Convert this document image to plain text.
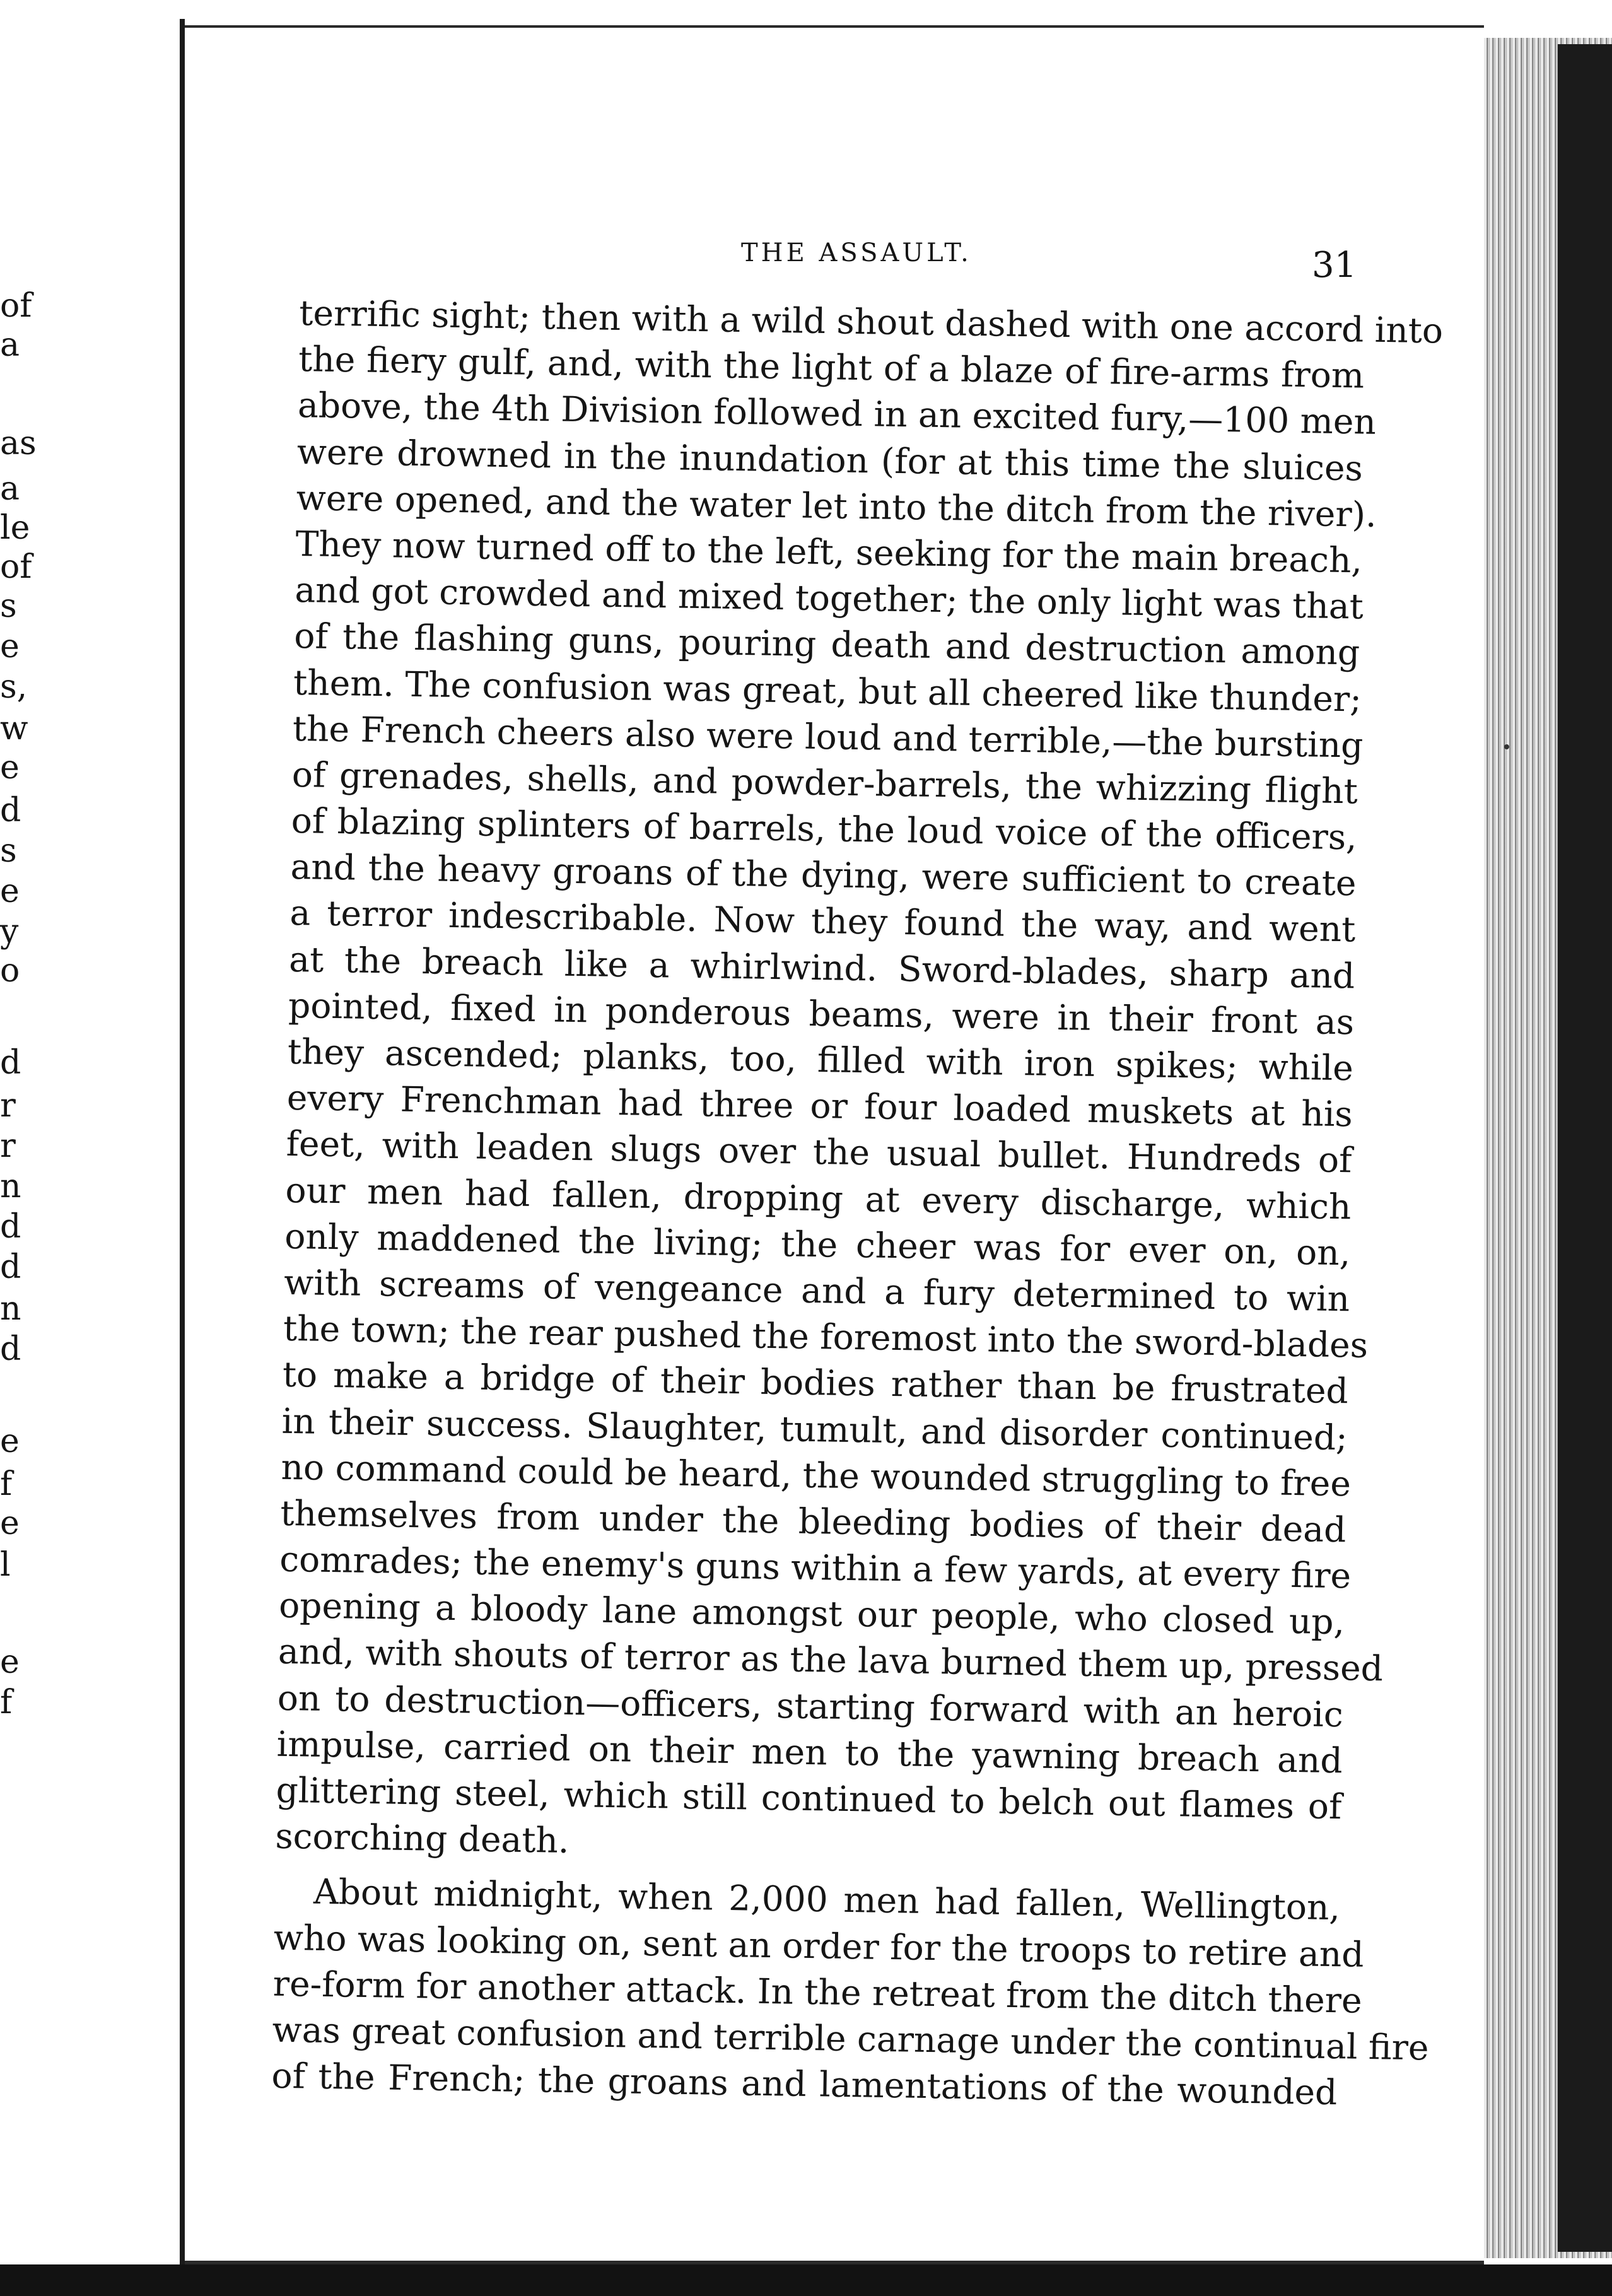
of
a
as
a
le
of
s
e
s,
w
e
d
s
e
y
o
d
r
r
n
d
d
n
d
e
f
e
l
e
f
THE ASSAULT.	31
terrific sight; then with a wild shout dashed with one accord into
the fiery gulf, and, with the light of a blaze of fire-arms from
above, the 4th Division followed in an excited fury,—100 men
were drowned in the inundation (for at this time the sluices
were opened, and the water let into the ditch from the river).
They now turned off to the left, seeking for the main breach,
and got crowded and mixed together; the only light was that
of the flashing guns, pouring death and destruction among
them. The confusion was great, but all cheered like thunder;
the French cheers also were loud and terrible,—the bursting
of grenades, shells, and powder-barrels, the whizzing flight
of blazing splinters of barrels, the loud voice of the officers,
and the heavy groans of the dying, were sufficient to create
a terror indescribable. Now they found the way, and went
at the breach like a whirlwind. Sword-blades, sharp and
pointed, fixed in ponderous beams, were in their front as
they ascended; planks, too, filled with iron spikes; while
every Frenchman had three or four loaded muskets at his
feet, with leaden slugs over the usual bullet. Hundreds of
our men had fallen, dropping at every discharge, which
only maddened the living; the cheer was for ever on, on,
with screams of vengeance and a fury determined to win
the town; the rear pushed the foremost into the sword-blades
to make a bridge of their bodies rather than be frustrated
in their success. Slaughter, tumult, and disorder continued;
no command could be heard, the wounded struggling to free
themselves from under the bleeding bodies of their dead
comrades; the enemy's guns within a few yards, at every fire
opening a bloody lane amongst our people, who closed up,
and, with shouts of terror as the lava burned them up, pressed
on to destruction—officers, starting forward with an heroic
impulse, carried on their men to the yawning breach and
glittering steel, which still continued to belch out flames of
scorching death.
About midnight, when 2,000 men had fallen, Wellington,
who was looking on, sent an order for the troops to retire and
re-form for another attack. In the retreat from the ditch there
was great confusion and terrible carnage under the continual fire
of the French; the groans and lamentations of the wounded
